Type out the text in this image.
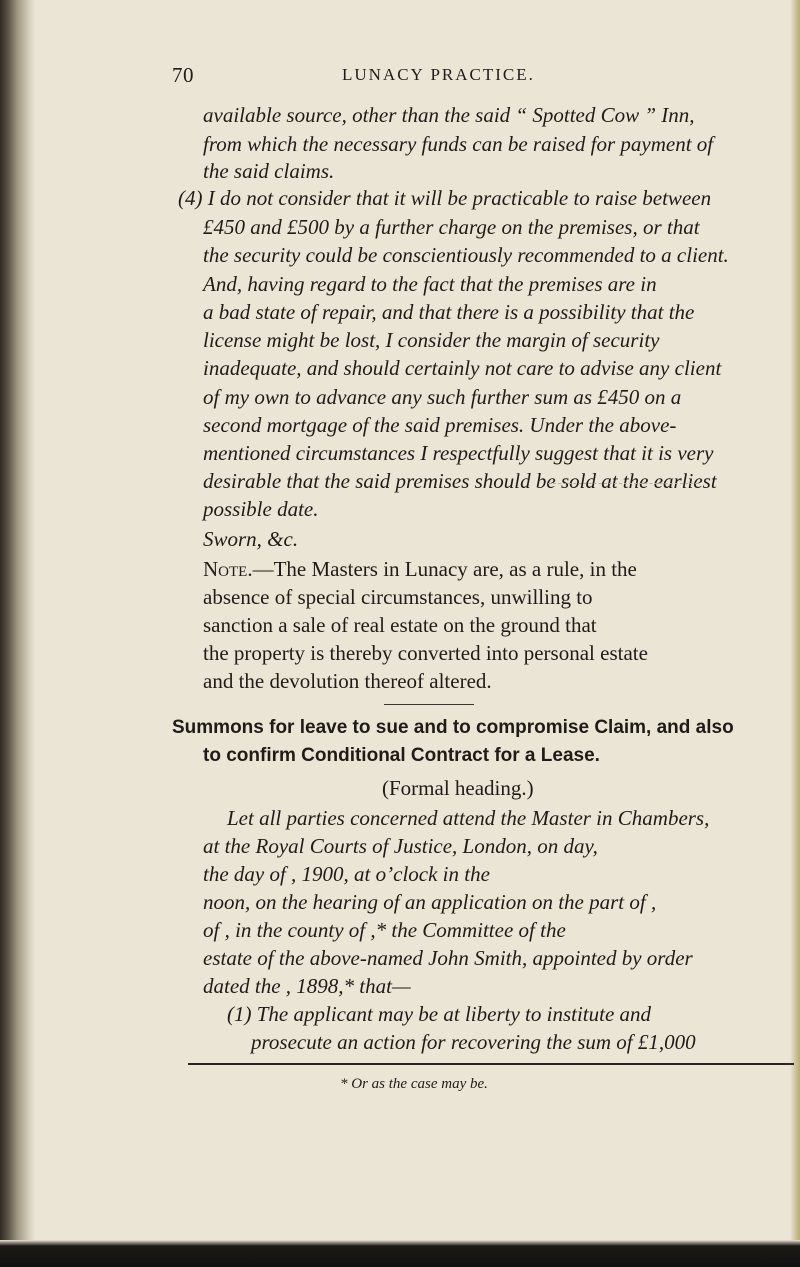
70	LUNACY PRACTICE.

available source, other than the said “ Spotted Cow ” Inn,

from which the necessary funds can be raised for payment of

the said claims.

(4) I do not consider that it will be practicable to raise between

£450 and £500 by a further charge on the premises, or that

the security could be conscientiously recommended to a client.

And, having regard to the fact that the premises are in

a bad state of repair, and that there is a possibility that the

license might be lost, I consider the margin of security

inadequate, and should certainly not care to advise any client

of my own to advance any such further sum as £450 on a

second mortgage of the said premises. Under the above-

mentioned circumstances I respectfully suggest that it is very

desirable that the said premises should be sold at the earliest

possible date.

Sworn, &c.

Note.—The Masters in Lunacy are, as a rule, in the

absence of special circumstances, unwilling to

sanction a sale of real estate on the ground that

the property is thereby converted into personal estate

and the devolution thereof altered.

Summons for leave to sue and to compromise Claim, and also

to confirm Conditional Contract for a Lease.

(Formal heading.)

Let all parties concerned attend the Master in Chambers,

at the Royal Courts of Justice, London, on day,

the day of , 1900, at o’clock in the

noon, on the hearing of an application on the part of ,

of , in the county of ,* the Committee of the

estate of the above-named John Smith, appointed by order

dated the , 1898,* that—

(1) The applicant may be at liberty to institute and

prosecute an action for recovering the sum of £1,000

* Or as the case may be.
